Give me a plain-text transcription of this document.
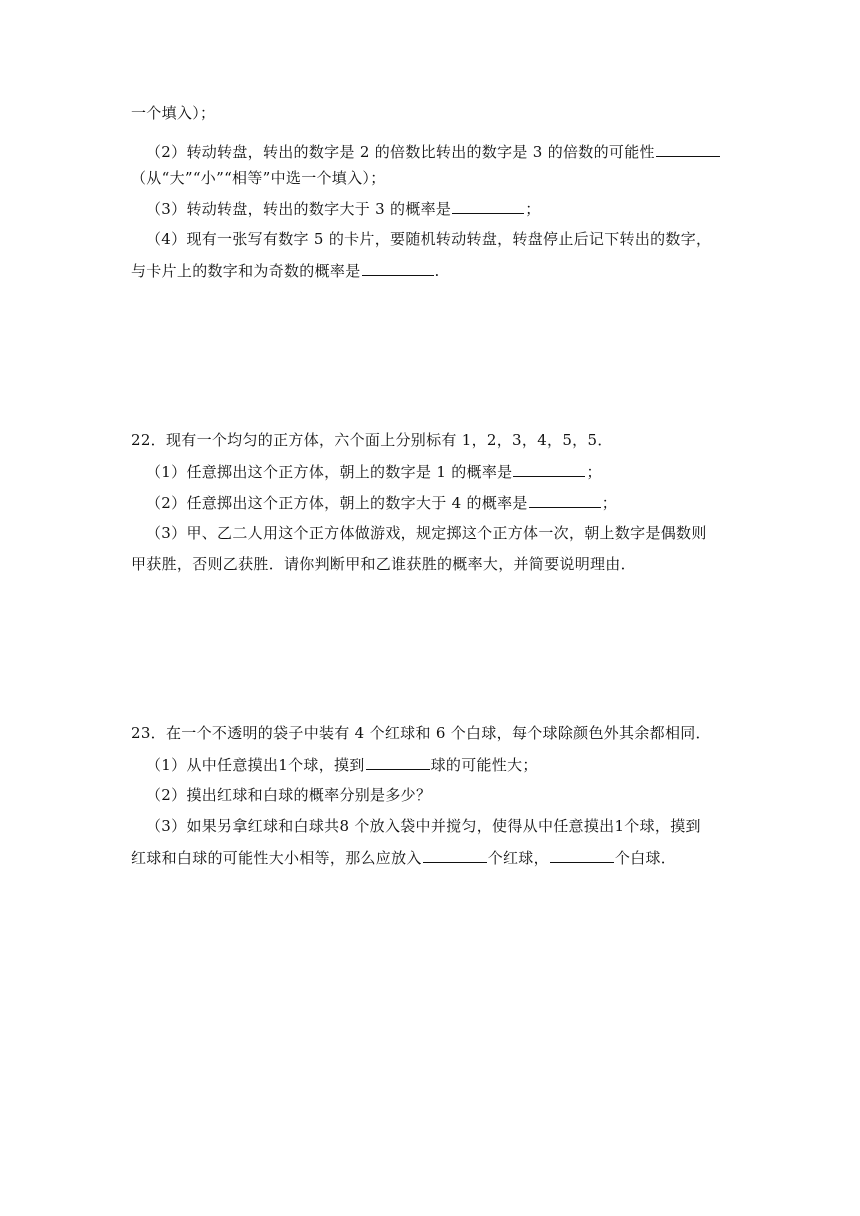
一个填入）；
（2）转动转盘，转出的数字是 2 的倍数比转出的数字是 3 的倍数的可能性
（从“大”“小”“相等”中选一个填入）；
（3）转动转盘，转出的数字大于 3 的概率是	；
（4）现有一张写有数字 5 的卡片，要随机转动转盘，转盘停止后记下转出的数字，
与卡片上的数字和为奇数的概率是	.
22．现有一个均匀的正方体，六个面上分别标有 1，2，3，4，5，5．
（1）任意掷出这个正方体，朝上的数字是 1 的概率是	；
（2）任意掷出这个正方体，朝上的数字大于 4 的概率是	；
（3）甲、乙二人用这个正方体做游戏，规定掷这个正方体一次，朝上数字是偶数则
甲获胜，否则乙获胜．请你判断甲和乙谁获胜的概率大，并简要说明理由．
23．在一个不透明的袋子中装有 4 个红球和 6 个白球，每个球除颜色外其余都相同．
（1）从中任意摸出1个球，摸到	球的可能性大；
（2）摸出红球和白球的概率分别是多少？
（3）如果另拿红球和白球共8 个放入袋中并搅匀，使得从中任意摸出1个球，摸到
红球和白球的可能性大小相等，那么应放入	个红球，	个白球．
